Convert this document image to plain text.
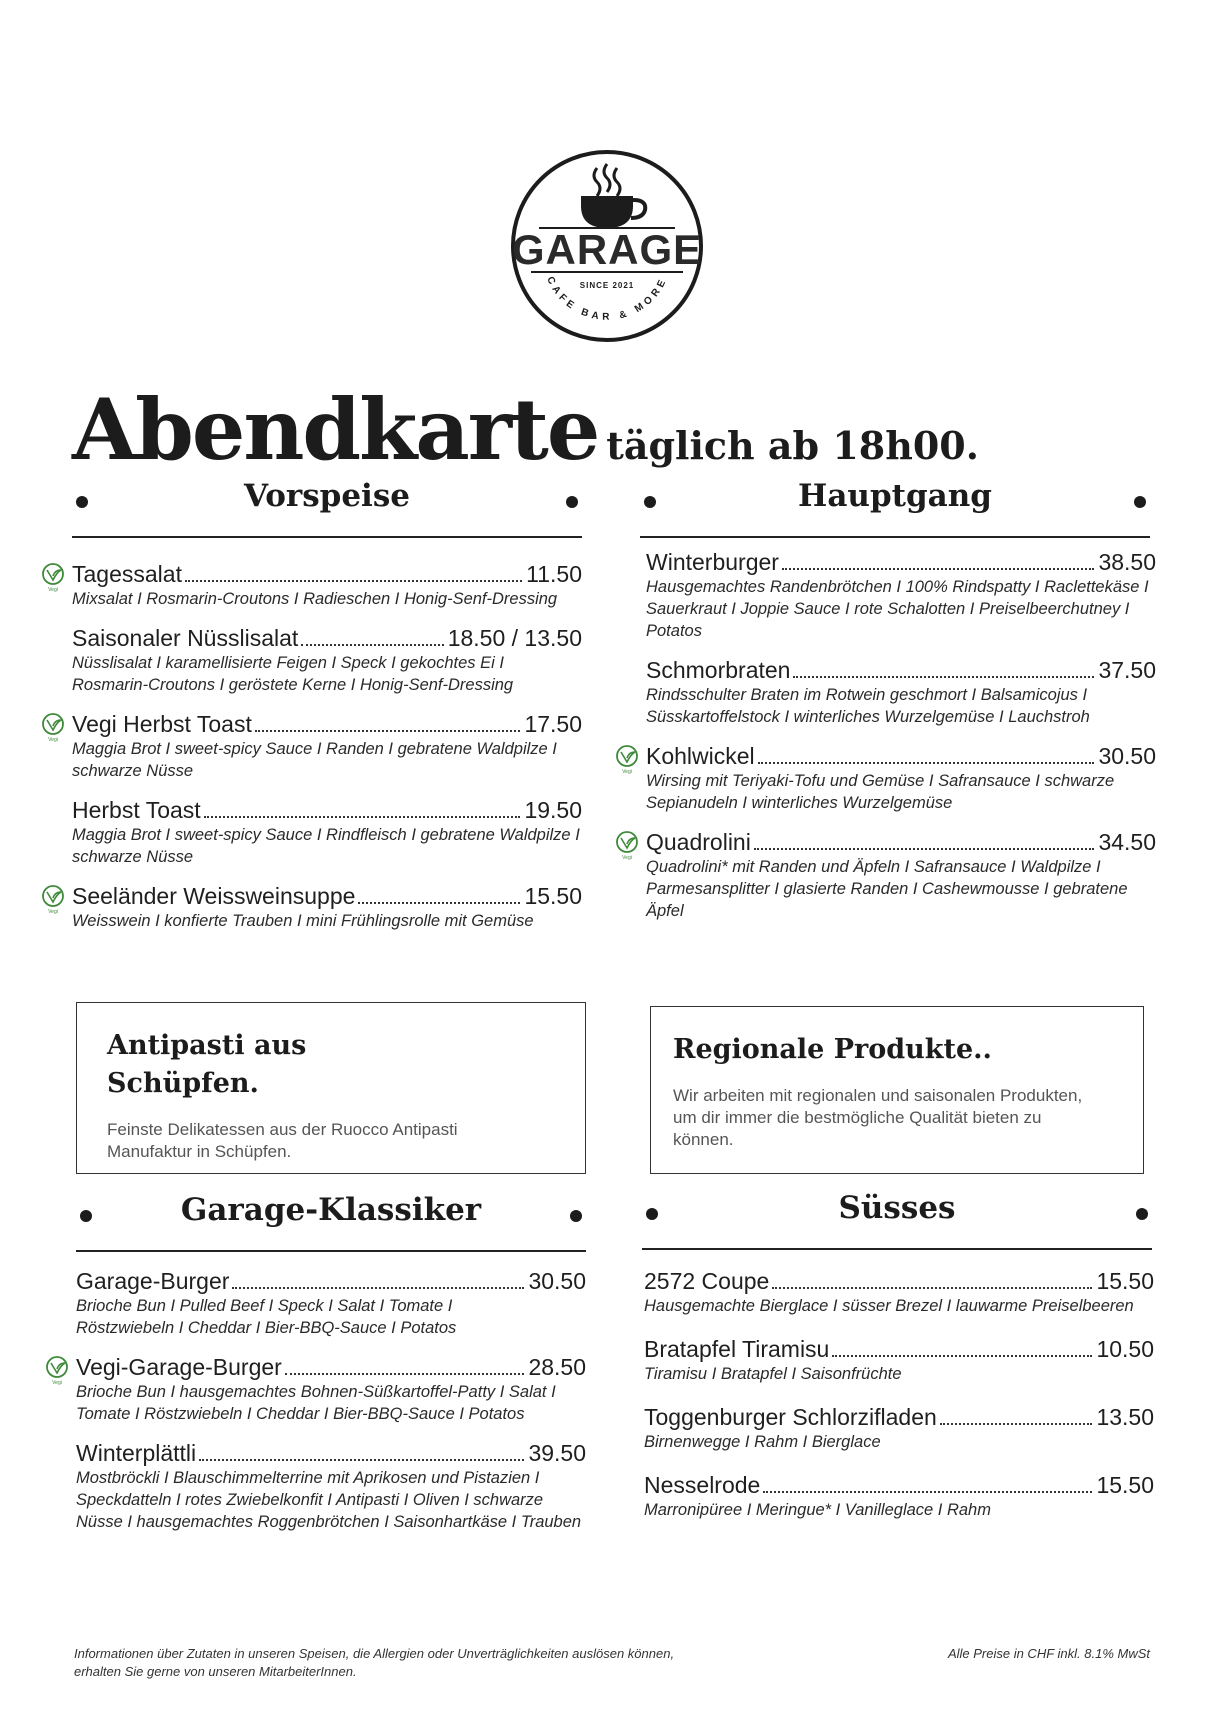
GARAGE
SINCE 2021
CAFE BAR & MORE
Abendkarte täglich ab 18h00.
Vorspeise	Hauptgang
Vegi
Tagessalat	11.50
Mixsalat I Rosmarin-Croutons I Radieschen I Honig-Senf-Dressing
Saisonaler Nüsslisalat	18.50 / 13.50
Nüsslisalat I karamellisierte Feigen I Speck I gekochtes Ei I Rosmarin-Croutons I geröstete Kerne I Honig-Senf-Dressing
Vegi
Vegi Herbst Toast	17.50
Maggia Brot I sweet-spicy Sauce I Randen I gebratene Waldpilze I schwarze Nüsse
Herbst Toast	19.50
Maggia Brot I sweet-spicy Sauce I Rindfleisch I gebratene Waldpilze I schwarze Nüsse
Vegi
Seeländer Weissweinsuppe	15.50
Weisswein I konfierte Trauben I mini Frühlingsrolle mit Gemüse
Winterburger	38.50
Hausgemachtes Randenbrötchen I 100% Rindspatty I Raclettekäse I Sauerkraut I Joppie Sauce I rote Schalotten I Preiselbeerchutney I Potatos
Schmorbraten	37.50
Rindsschulter Braten im Rotwein geschmort I Balsamicojus I Süsskartoffelstock I winterliches Wurzelgemüse I Lauchstroh
Vegi
Kohlwickel	30.50
Wirsing mit Teriyaki-Tofu und Gemüse I Safransauce I schwarze Sepianudeln I winterliches Wurzelgemüse
Vegi
Quadrolini	34.50
Quadrolini* mit Randen und Äpfeln I Safransauce I Waldpilze I Parmesansplitter I glasierte Randen I Cashewmousse I gebratene Äpfel
Antipasti aus
Schüpfen.
Feinste Delikatessen aus der Ruocco Antipasti Manufaktur in Schüpfen.
Regionale Produkte..
Wir arbeiten mit regionalen und saisonalen Produkten, um dir immer die bestmögliche Qualität bieten zu können.
Garage-Klassiker	Süsses
Garage-Burger	30.50
Brioche Bun I Pulled Beef I Speck I Salat I Tomate I Röstzwiebeln I Cheddar I Bier-BBQ-Sauce I Potatos
Vegi
Vegi-Garage-Burger	28.50
Brioche Bun I hausgemachtes Bohnen-Süßkartoffel-Patty I Salat I Tomate I Röstzwiebeln I Cheddar I Bier-BBQ-Sauce I Potatos
Winterplättli	39.50
Mostbröckli I Blauschimmelterrine mit Aprikosen und Pistazien I Speckdatteln I rotes Zwiebelkonfit I Antipasti I Oliven I schwarze Nüsse I hausgemachtes Roggenbrötchen I Saisonhartkäse I Trauben
2572 Coupe	15.50
Hausgemachte Bierglace I süsser Brezel I lauwarme Preiselbeeren
Bratapfel Tiramisu	10.50
Tiramisu I Bratapfel I Saisonfrüchte
Toggenburger Schlorzifladen	13.50
Birnenwegge I Rahm I Bierglace
Nesselrode	15.50
Marronipüree I Meringue* I Vanilleglace I Rahm
Informationen über Zutaten in unseren Speisen, die Allergien oder Unverträglichkeiten auslösen können,
erhalten Sie gerne von unseren MitarbeiterInnen.
Alle Preise in CHF inkl. 8.1% MwSt
